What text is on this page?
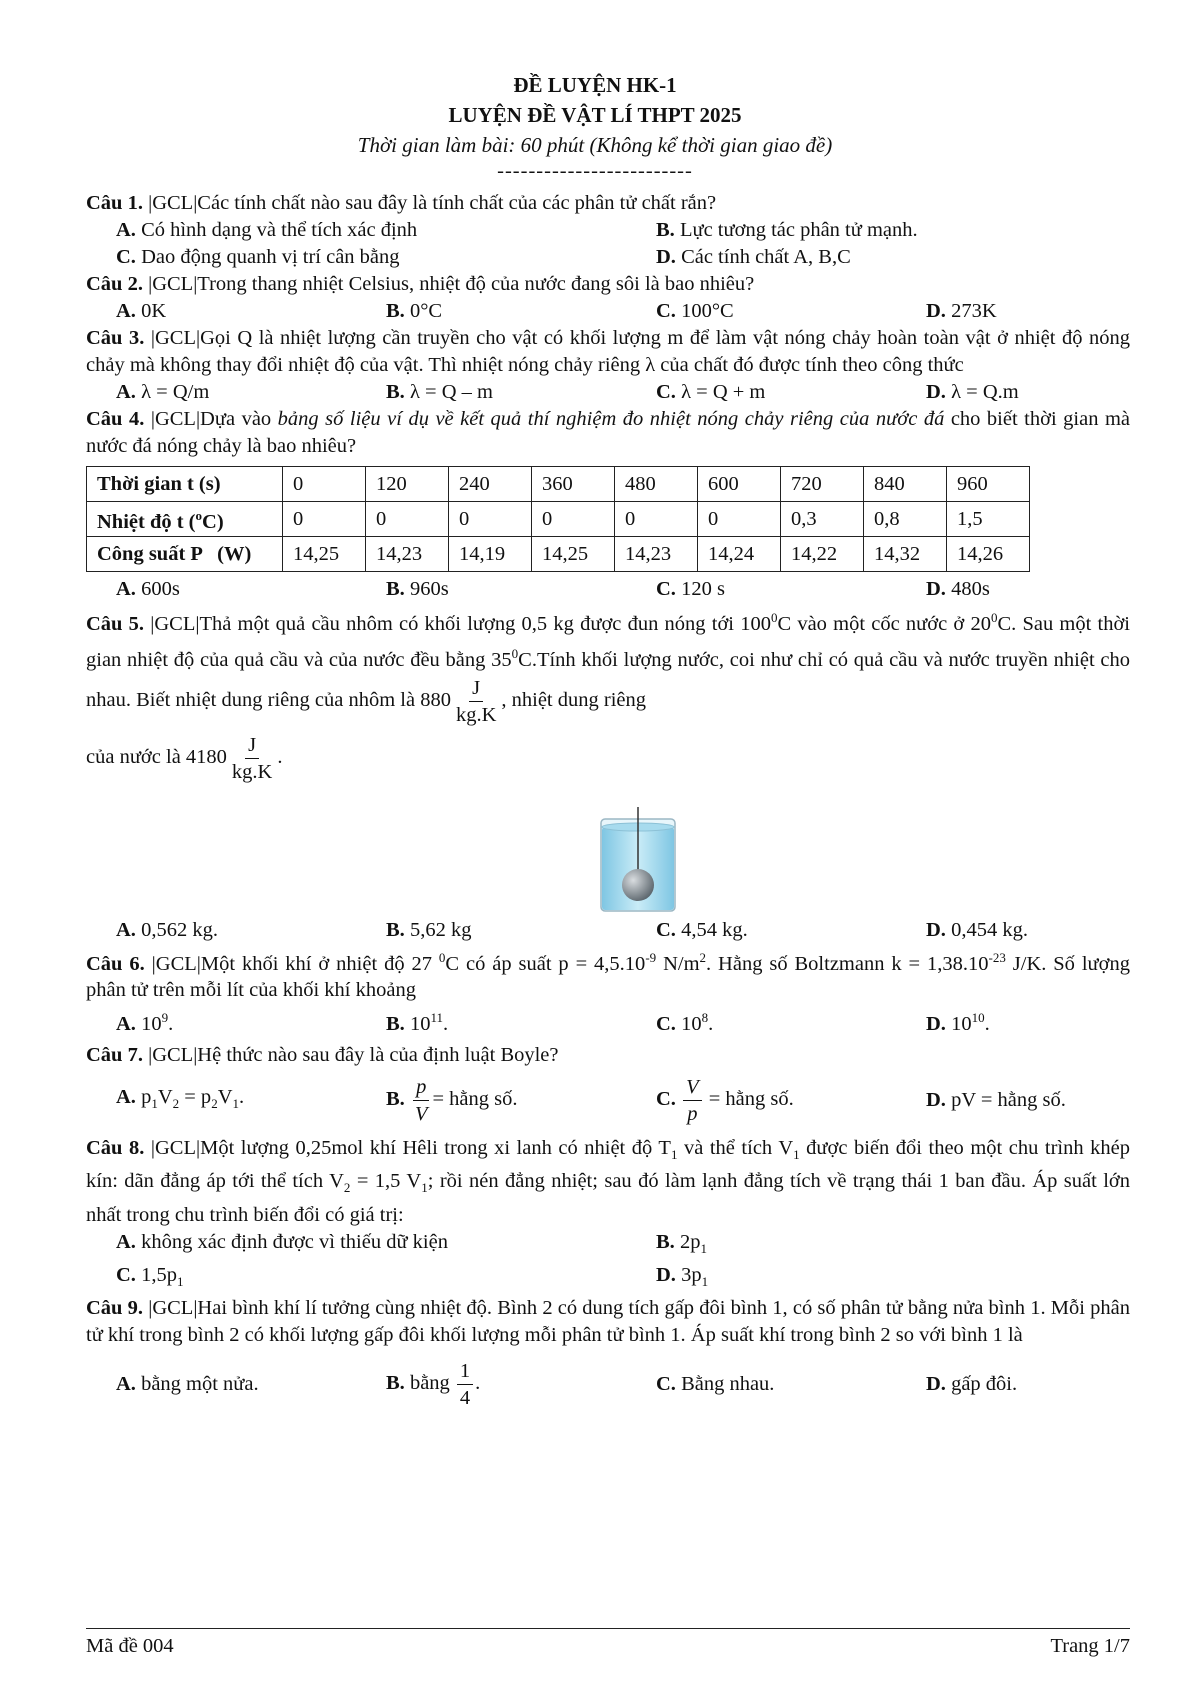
ĐỀ LUYỆN HK-1
LUYỆN ĐỀ VẬT LÍ THPT 2025
Thời gian làm bài: 60 phút (Không kể thời gian giao đề)
-------------------------

Câu 1. |GCL|Các tính chất nào sau đây là tính chất của các phân tử chất rắn?

A. Có hình dạng và thể tích xác định	B. Lực tương tác phân tử mạnh.
C. Dao động quanh vị trí cân bằng	D. Các tính chất A, B,C

Câu 2. |GCL|Trong thang nhiệt Celsius, nhiệt độ của nước đang sôi là bao nhiêu?

A. 0K	B. 0°C	C. 100°C	D. 273K

Câu 3. |GCL|Gọi Q là nhiệt lượng cần truyền cho vật có khối lượng m để làm vật nóng chảy hoàn toàn vật ở nhiệt độ nóng chảy mà không thay đổi nhiệt độ của vật. Thì nhiệt nóng chảy riêng λ của chất đó được tính theo công thức

A. λ = Q/m	B. λ = Q – m	C. λ = Q + m	D. λ = Q.m

Câu 4. |GCL|Dựa vào bảng số liệu ví dụ về kết quả thí nghiệm đo nhiệt nóng chảy riêng của nước đá cho biết thời gian mà nước đá nóng chảy là bao nhiêu?

Thời gian t (s)	0	120	240	360	480	600	720	840	960
Nhiệt độ t ($^o$C)	0	0	0	0	0	0	0,3	0,8	1,5
Công suất P   (W)	14,25	14,23	14,19	14,25	14,23	14,24	14,22	14,32	14,26
A. 600s	B. 960s	C. 120 s	D. 480s

Câu 5. |GCL|Thả một quả cầu nhôm có khối lượng 0,5 kg được đun nóng tới $100^0C$ vào một cốc nước ở $20^0C$. Sau một thời gian nhiệt độ của quả cầu và của nước đều bằng $35^0C.Tính$ khối lượng nước, coi như chỉ có quả cầu và nước truyền nhiệt cho nhau. Biết nhiệt dung riêng của nhôm là $880 \frac{J}{kg.K}$ , nhiệt dung riêng

của nước là $4180 \frac{J}{kg.K}$ .

A. 0,562 kg.	B. 5,62 kg	C. 4,54 kg.	D. 0,454 kg.

Câu 6. |GCL|Một khối khí ở nhiệt độ 27 $^0$C có áp suất $p = 4,5.10^{-9}$ $N/m^2$. Hằng số Boltzmann $k = 1,38.10^{-23}$ J/K. Số lượng phân tử trên mỗi lít của khối khí khoảng

A. $10^9$.	B. $10^{11}$.	C. $10^8$.	D. $10^{10}$.

Câu 7. |GCL|Hệ thức nào sau đây là của định luật Boyle?

A. $p_1V_2 = p_2V_1$.	B. $\frac{p}{V}$ = hằng số.	C. $\frac{V}{p}$ = hằng số.	D. pV = hằng số.

Câu 8. |GCL|Một lượng 0,25mol khí Hêli trong xi lanh có nhiệt độ $T_1$ và thể tích $V_1$ được biến đổi theo một chu trình khép kín: dãn đẳng áp tới thể tích $V_2 = 1,5$ $V_1$; rồi nén đẳng nhiệt; sau đó làm lạnh đẳng tích về trạng thái 1 ban đầu. Áp suất lớn nhất trong chu trình biến đổi có giá trị:

A. không xác định được vì thiếu dữ kiện	B. $2p_1$
C. $1,5p_1$	D. $3p_1$

Câu 9. |GCL|Hai bình khí lí tưởng cùng nhiệt độ. Bình 2 có dung tích gấp đôi bình 1, có số phân tử bằng nửa bình 1. Mỗi phân tử khí trong bình 2 có khối lượng gấp đôi khối lượng mỗi phân tử bình 1. Áp suất khí trong bình 2 so với bình 1 là

A. bằng một nửa.	B. bằng $\frac{1}{4}$ .	C. Bằng nhau.	D. gấp đôi.
Mã đề 004	Trang 1/7
